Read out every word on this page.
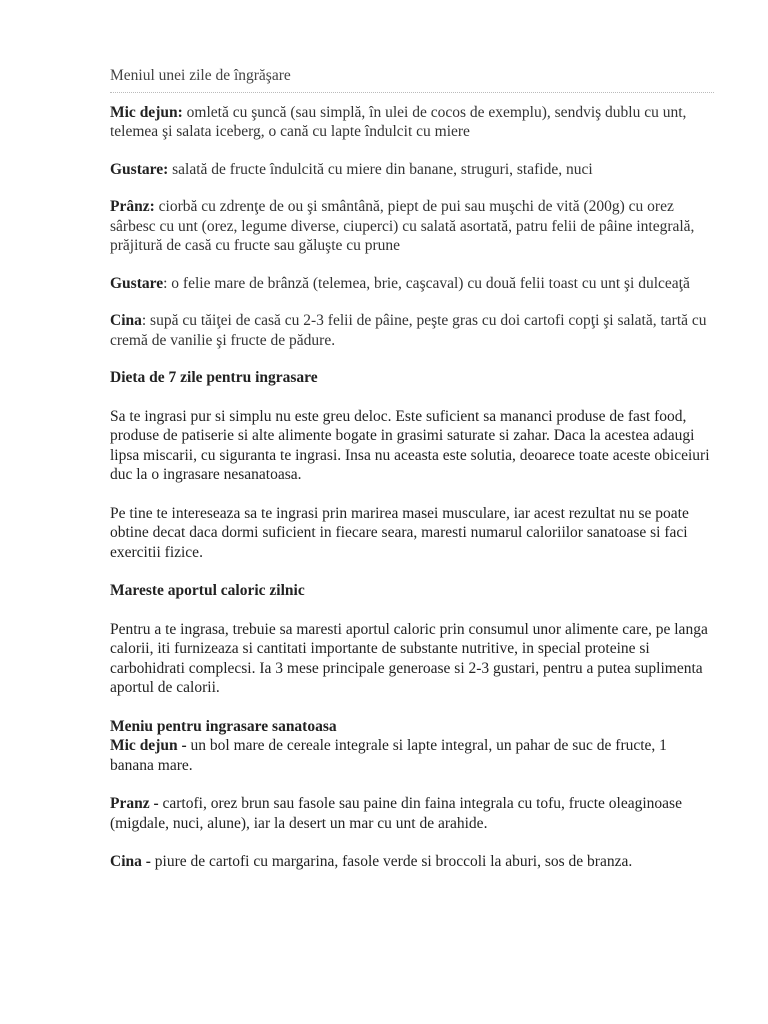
Meniul unei zile de îngrăşare

Mic dejun: omletă cu şuncă (sau simplă, în ulei de cocos de exemplu), sendviş dublu cu unt, telemea şi salata iceberg, o cană cu lapte îndulcit cu miere

Gustare: salată de fructe îndulcită cu miere din banane, struguri, stafide, nuci

Prânz: ciorbă cu zdrenţe de ou şi smântână, piept de pui sau muşchi de vită (200g) cu orez sârbesc cu unt (orez, legume diverse, ciuperci) cu salată asortată, patru felii de pâine integrală, prăjitură de casă cu fructe sau găluşte cu prune

Gustare: o felie mare de brânză (telemea, brie, caşcaval) cu două felii toast cu unt şi dulceaţă

Cina: supă cu tăiţei de casă cu 2-3 felii de pâine, peşte gras cu doi cartofi copţi şi salată, tartă cu cremă de vanilie şi fructe de pădure.

Dieta de 7 zile pentru ingrasare

Sa te ingrasi pur si simplu nu este greu deloc. Este suficient sa mananci produse de fast food, produse de patiserie si alte alimente bogate in grasimi saturate si zahar. Daca la acestea adaugi lipsa miscarii, cu siguranta te ingrasi. Insa nu aceasta este solutia, deoarece toate aceste obiceiuri duc la o ingrasare nesanatoasa.

Pe tine te intereseaza sa te ingrasi prin marirea masei musculare, iar acest rezultat nu se poate obtine decat daca dormi suficient in fiecare seara, maresti numarul caloriilor sanatoase si faci exercitii fizice.

Mareste aportul caloric zilnic

Pentru a te ingrasa, trebuie sa maresti aportul caloric prin consumul unor alimente care, pe langa calorii, iti furnizeaza si cantitati importante de substante nutritive, in special proteine si carbohidrati complecsi. Ia 3 mese principale generoase si 2-3 gustari, pentru a putea suplimenta aportul de calorii.

Meniu pentru ingrasare sanatoasa

Mic dejun - un bol mare de cereale integrale si lapte integral, un pahar de suc de fructe, 1 banana mare.

Pranz - cartofi, orez brun sau fasole sau paine din faina integrala cu tofu, fructe oleaginoase (migdale, nuci, alune), iar la desert un mar cu unt de arahide.

Cina - piure de cartofi cu margarina, fasole verde si broccoli la aburi, sos de branza.
